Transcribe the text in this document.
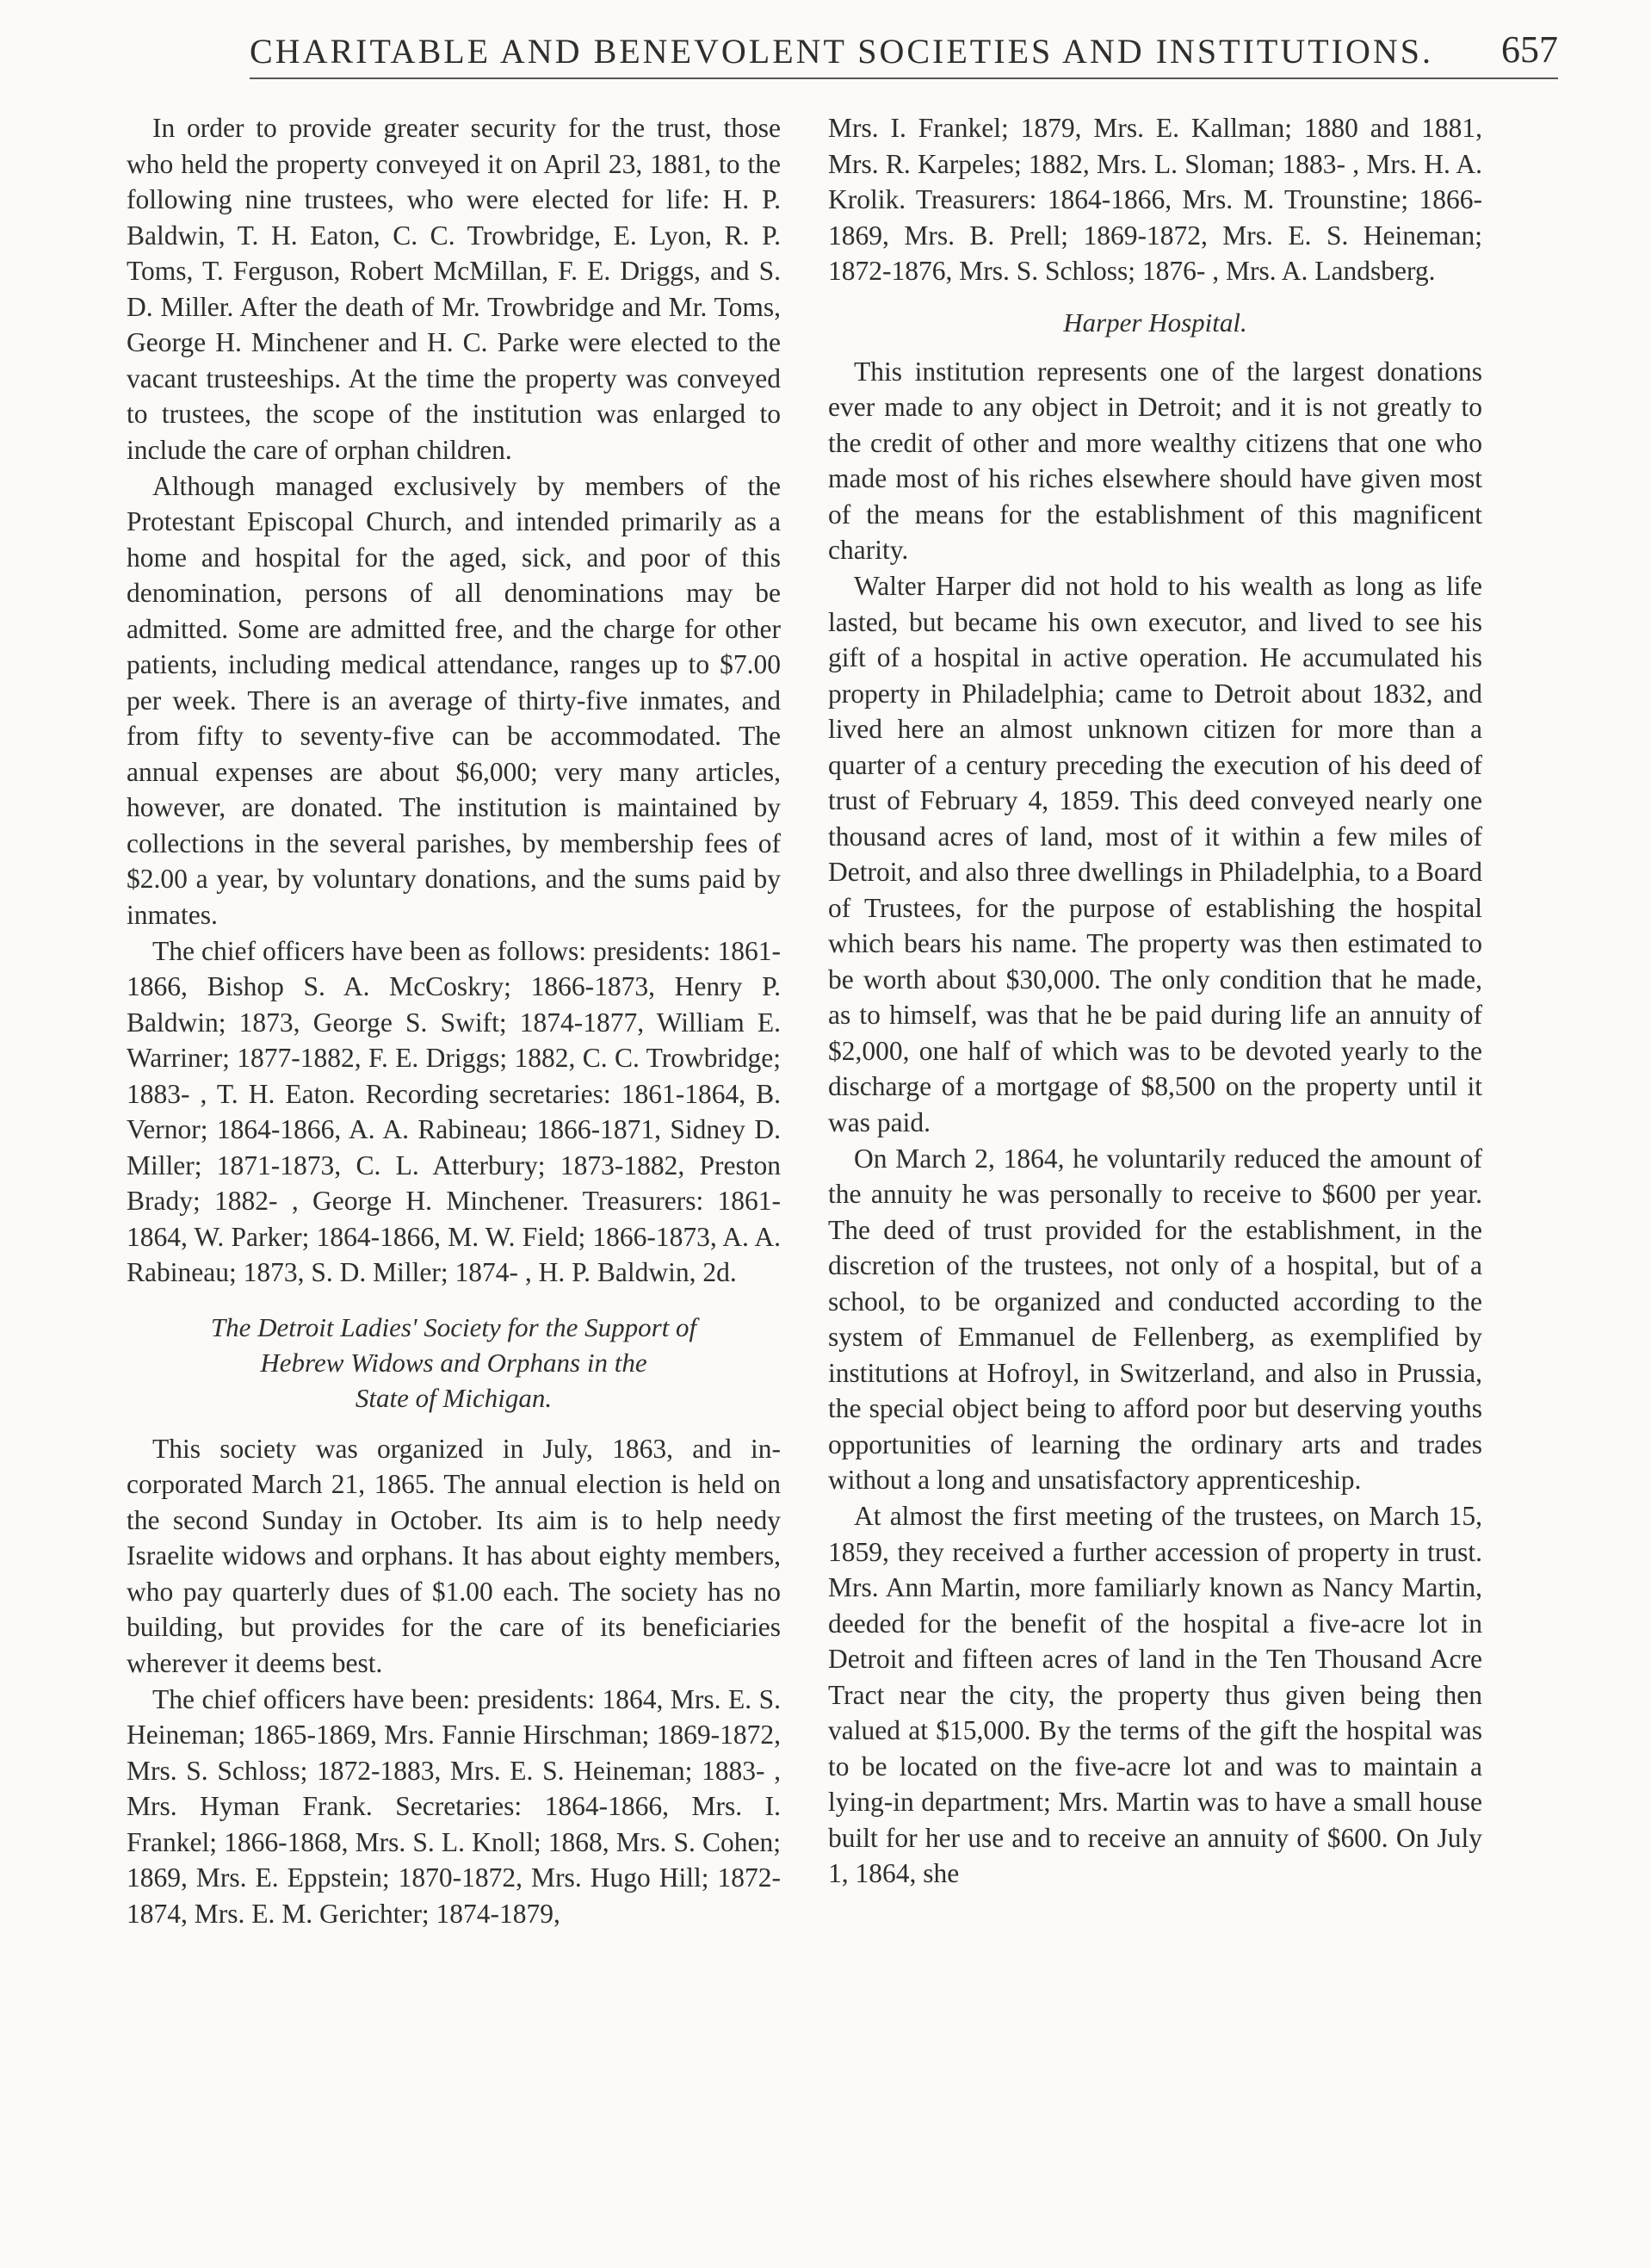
CHARITABLE AND BENEVOLENT SOCIETIES AND INSTITUTIONS. 657

In order to provide greater security for the trust, those who held the property conveyed it on April 23, 1881, to the following nine trustees, who were elected for life: H. P. Baldwin, T. H. Eaton, C. C. Trowbridge, E. Lyon, R. P. Toms, T. Ferguson, Robert McMillan, F. E. Driggs, and S. D. Miller. After the death of Mr. Trowbridge and Mr. Toms, George H. Minchener and H. C. Parke were elected to the vacant trusteeships. At the time the property was conveyed to trustees, the scope of the institution was enlarged to include the care of orphan children.

Although managed exclusively by members of the Protestant Episcopal Church, and intended primarily as a home and hospital for the aged, sick, and poor of this denomination, persons of all denominations may be admitted. Some are admitted free, and the charge for other patients, including medical attendance, ranges up to $7.00 per week. There is an average of thirty-five inmates, and from fifty to seventy-five can be accommodated. The annual expenses are about $6,000; very many articles, however, are donated. The institution is maintained by collections in the several parishes, by membership fees of $2.00 a year, by voluntary donations, and the sums paid by inmates.

The chief officers have been as follows: presidents: 1861-1866, Bishop S. A. McCoskry; 1866-1873, Henry P. Baldwin; 1873, George S. Swift; 1874-1877, William E. Warriner; 1877-1882, F. E. Driggs; 1882, C. C. Trowbridge; 1883- , T. H. Eaton. Recording secretaries: 1861-1864, B. Vernor; 1864-1866, A. A. Rabineau; 1866-1871, Sidney D. Miller; 1871-1873, C. L. Atterbury; 1873-1882, Preston Brady; 1882- , George H. Minchener. Treasurers: 1861-1864, W. Parker; 1864-1866, M. W. Field; 1866-1873, A. A. Rabineau; 1873, S. D. Miller; 1874- , H. P. Baldwin, 2d.

The Detroit Ladies' Society for the Support of
Hebrew Widows and Orphans in the
State of Michigan.

This society was organized in July, 1863, and incorporated March 21, 1865. The annual election is held on the second Sunday in October. Its aim is to help needy Israelite widows and orphans. It has about eighty members, who pay quarterly dues of $1.00 each. The society has no building, but provides for the care of its beneficiaries wherever it deems best.

The chief officers have been: presidents: 1864, Mrs. E. S. Heineman; 1865-1869, Mrs. Fannie Hirschman; 1869-1872, Mrs. S. Schloss; 1872-1883, Mrs. E. S. Heineman; 1883- , Mrs. Hyman Frank. Secretaries: 1864-1866, Mrs. I. Frankel; 1866-1868, Mrs. S. L. Knoll; 1868, Mrs. S. Cohen; 1869, Mrs. E. Eppstein; 1870-1872, Mrs. Hugo Hill; 1872-1874, Mrs. E. M. Gerichter; 1874-1879,

Mrs. I. Frankel; 1879, Mrs. E. Kallman; 1880 and 1881, Mrs. R. Karpeles; 1882, Mrs. L. Sloman; 1883- , Mrs. H. A. Krolik. Treasurers: 1864-1866, Mrs. M. Trounstine; 1866-1869, Mrs. B. Prell; 1869-1872, Mrs. E. S. Heineman; 1872-1876, Mrs. S. Schloss; 1876- , Mrs. A. Landsberg.

Harper Hospital.

This institution represents one of the largest donations ever made to any object in Detroit; and it is not greatly to the credit of other and more wealthy citizens that one who made most of his riches elsewhere should have given most of the means for the establishment of this magnificent charity.

Walter Harper did not hold to his wealth as long as life lasted, but became his own executor, and lived to see his gift of a hospital in active operation. He accumulated his property in Philadelphia; came to Detroit about 1832, and lived here an almost unknown citizen for more than a quarter of a century preceding the execution of his deed of trust of February 4, 1859. This deed conveyed nearly one thousand acres of land, most of it within a few miles of Detroit, and also three dwellings in Philadelphia, to a Board of Trustees, for the purpose of establishing the hospital which bears his name. The property was then estimated to be worth about $30,000. The only condition that he made, as to himself, was that he be paid during life an annuity of $2,000, one half of which was to be devoted yearly to the discharge of a mortgage of $8,500 on the property until it was paid.

On March 2, 1864, he voluntarily reduced the amount of the annuity he was personally to receive to $600 per year. The deed of trust provided for the establishment, in the discretion of the trustees, not only of a hospital, but of a school, to be organized and conducted according to the system of Emmanuel de Fellenberg, as exemplified by institutions at Hofroyl, in Switzerland, and also in Prussia, the special object being to afford poor but deserving youths opportunities of learning the ordinary arts and trades without a long and unsatisfactory apprenticeship.

At almost the first meeting of the trustees, on March 15, 1859, they received a further accession of property in trust. Mrs. Ann Martin, more familiarly known as Nancy Martin, deeded for the benefit of the hospital a five-acre lot in Detroit and fifteen acres of land in the Ten Thousand Acre Tract near the city, the property thus given being then valued at $15,000. By the terms of the gift the hospital was to be located on the five-acre lot and was to maintain a lying-in department; Mrs. Martin was to have a small house built for her use and to receive an annuity of $600. On July 1, 1864, she
